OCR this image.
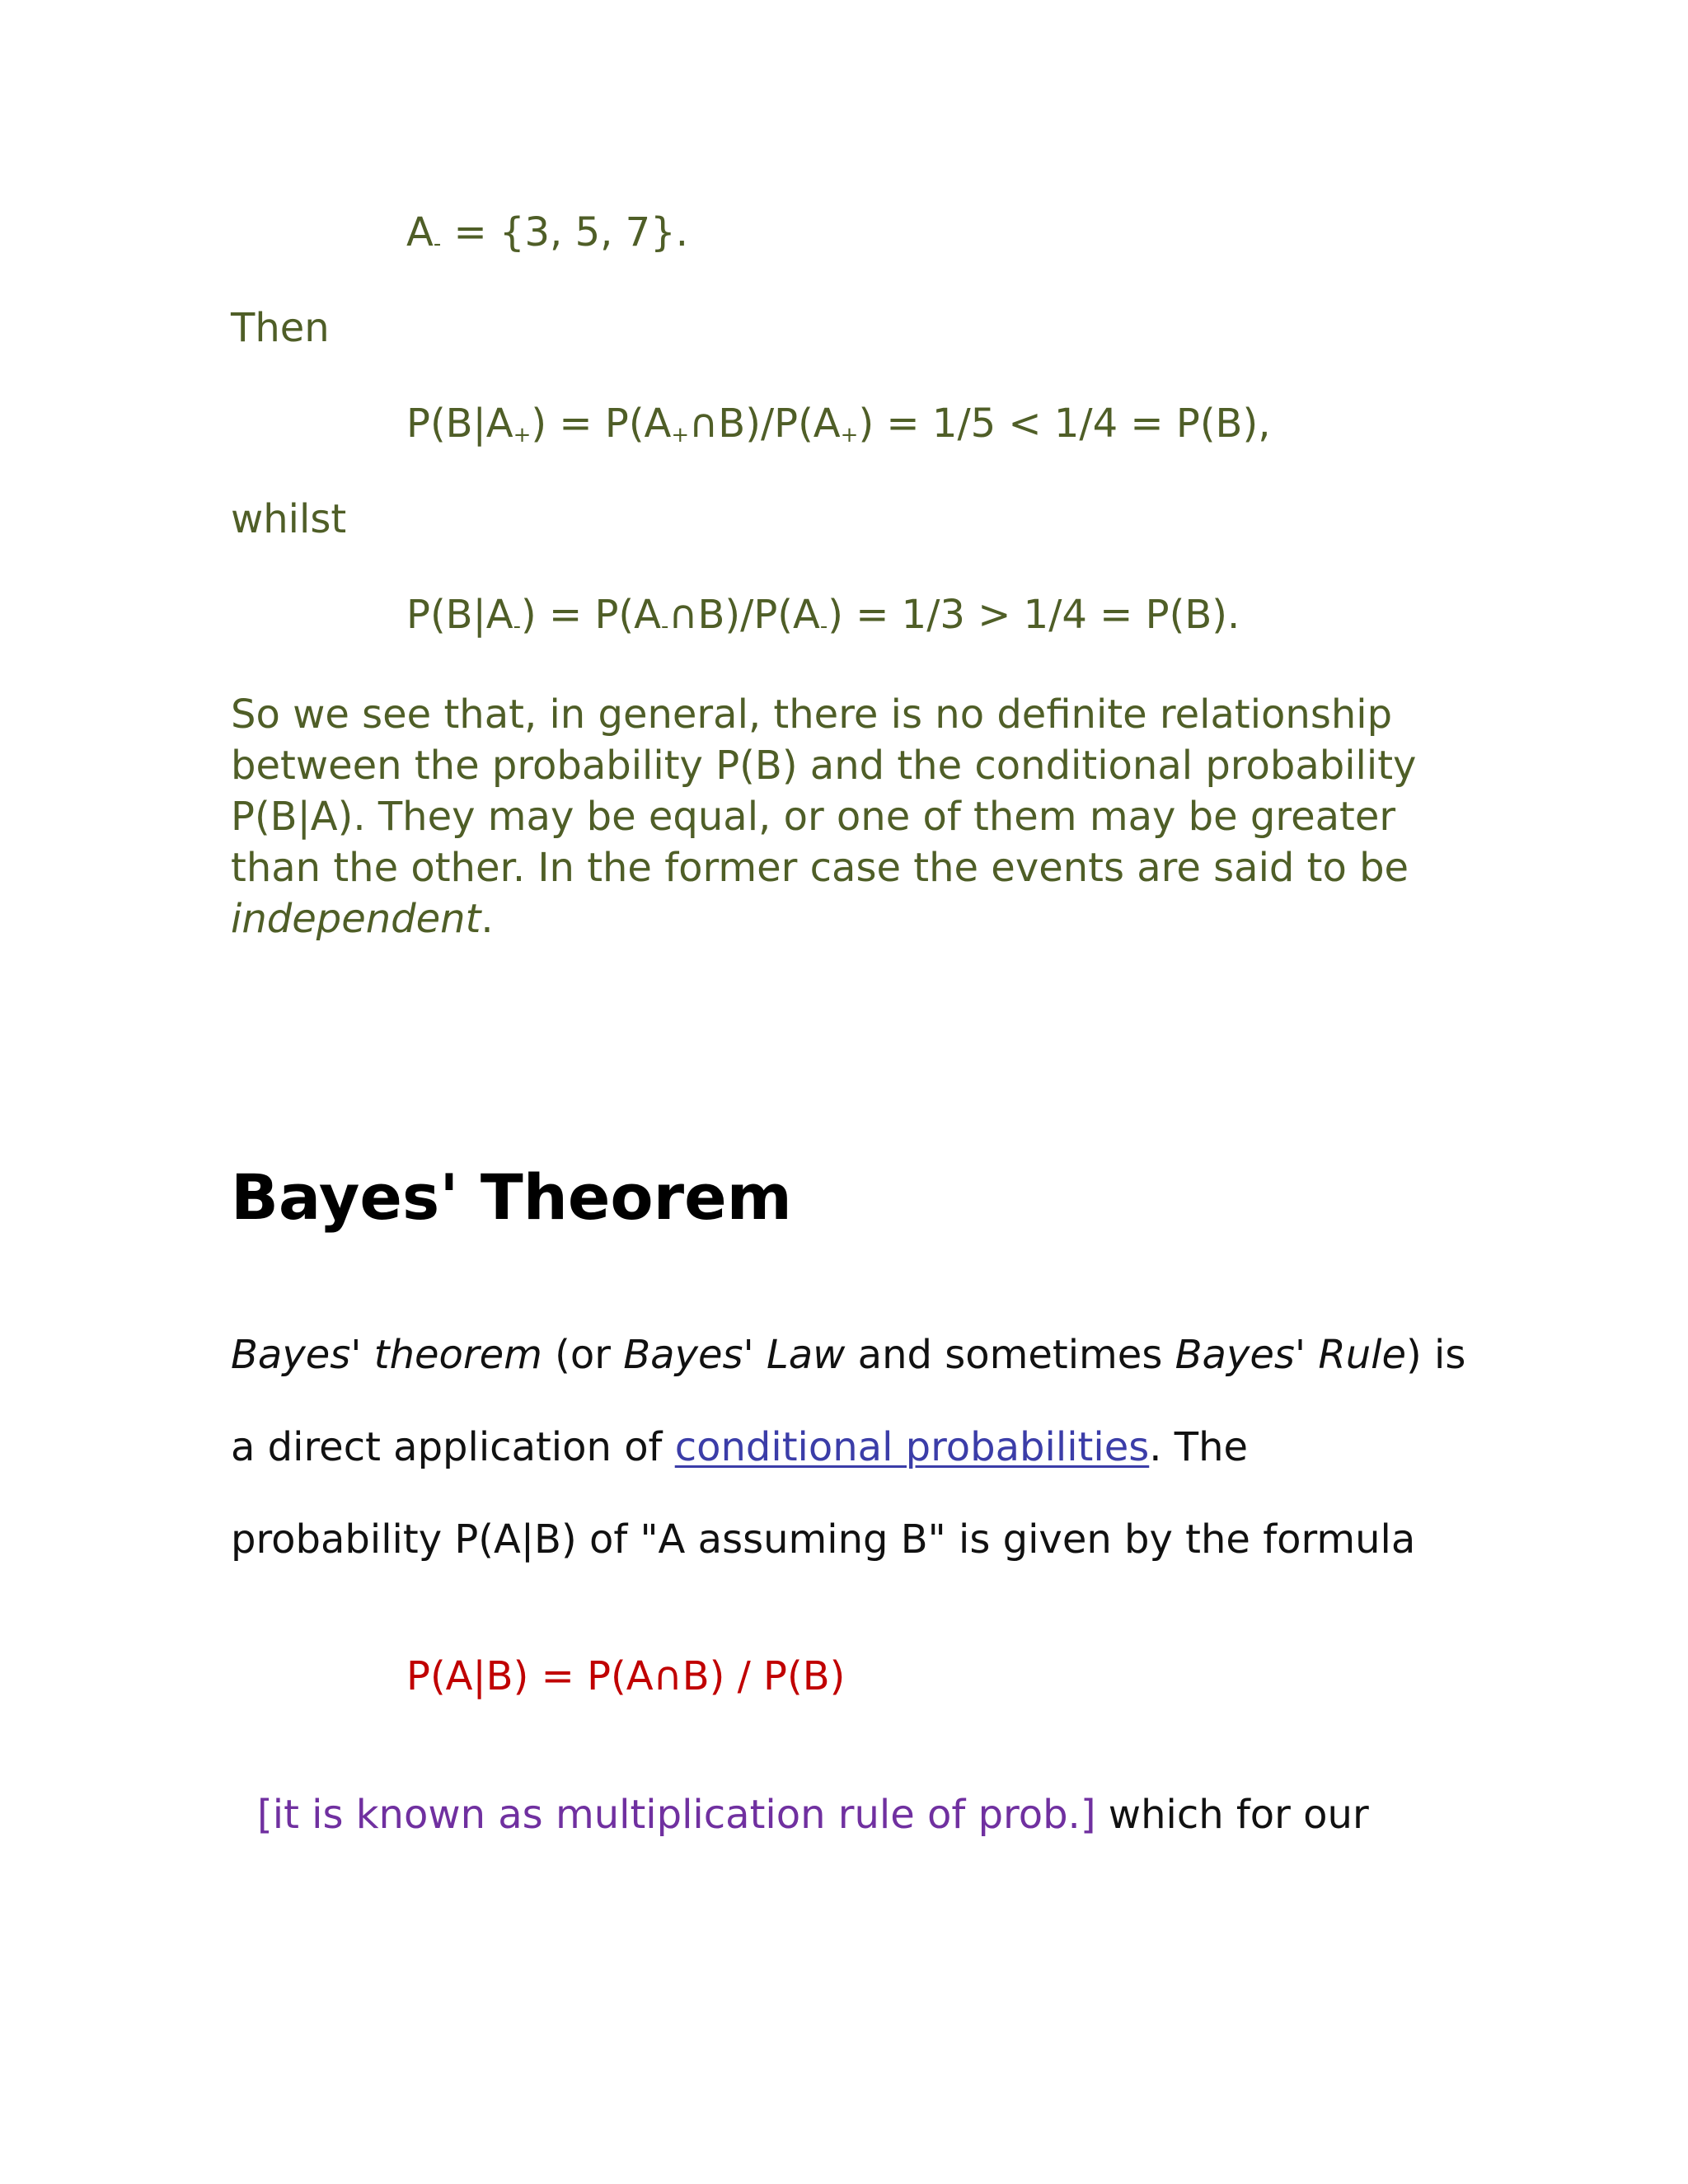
$A_- = \{3$, 5, 7}.

Then

$P(B|A_+)$ = $P(A_+\cap B)/P(A_+) = 1/5 < 1/4 = P(B)$,

whilst

$P(B|A_-)$ = $P(A_-\cap B)/P(A_-) = 1/3 > 1/4 = P(B)$.

So we see that, in general, there is no definite relationship between the probability P(B) and the conditional probability P(B|A). They may be equal, or one of them may be greater than the other. In the former case the events are said to be independent.

Bayes' Theorem

Bayes' theorem (or Bayes' Law and sometimes Bayes' Rule) is

a direct application of conditional probabilities. The

probability P(A|B) of "A assuming B" is given by the formula

P(A|B) = P(A∩B) / P(B)

[it is known as multiplication rule of prob.] which for our
